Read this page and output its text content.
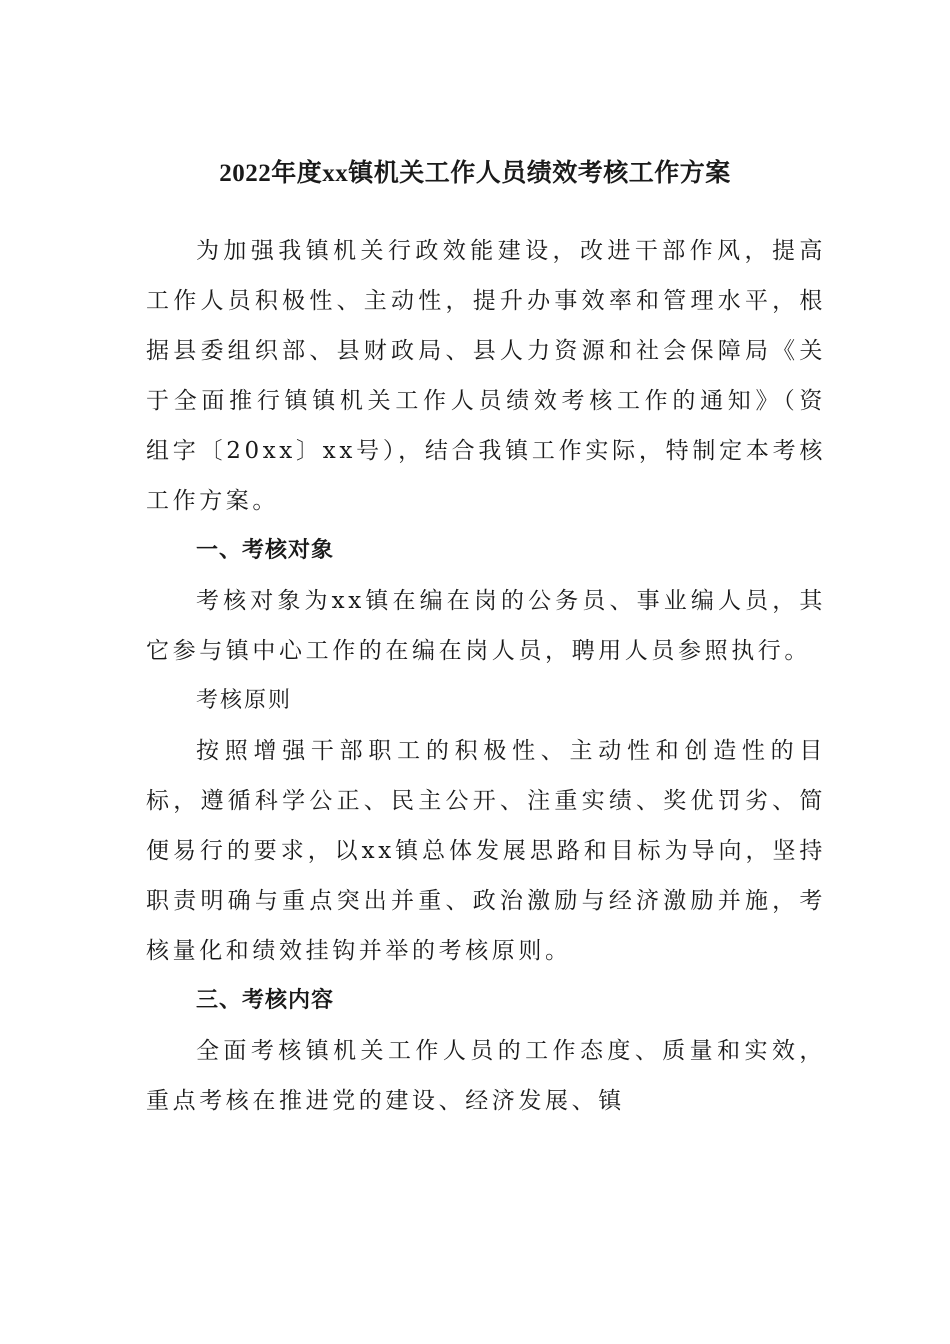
2022年度xx镇机关工作人员绩效考核工作方案

为加强我镇机关行政效能建设，改进干部作风，提高工作人员积极性、主动性，提升办事效率和管理水平，根据县委组织部、县财政局、县人力资源和社会保障局《关于全面推行镇镇机关工作人员绩效考核工作的通知》（资组字〔20xx〕xx号），结合我镇工作实际，特制定本考核工作方案。

一、考核对象

考核对象为xx镇在编在岗的公务员、事业编人员，其它参与镇中心工作的在编在岗人员，聘用人员参照执行。

考核原则

按照增强干部职工的积极性、主动性和创造性的目标，遵循科学公正、民主公开、注重实绩、奖优罚劣、简便易行的要求，以xx镇总体发展思路和目标为导向，坚持职责明确与重点突出并重、政治激励与经济激励并施，考核量化和绩效挂钩并举的考核原则。

三、考核内容

全面考核镇机关工作人员的工作态度、质量和实效，重点考核在推进党的建设、经济发展、镇
